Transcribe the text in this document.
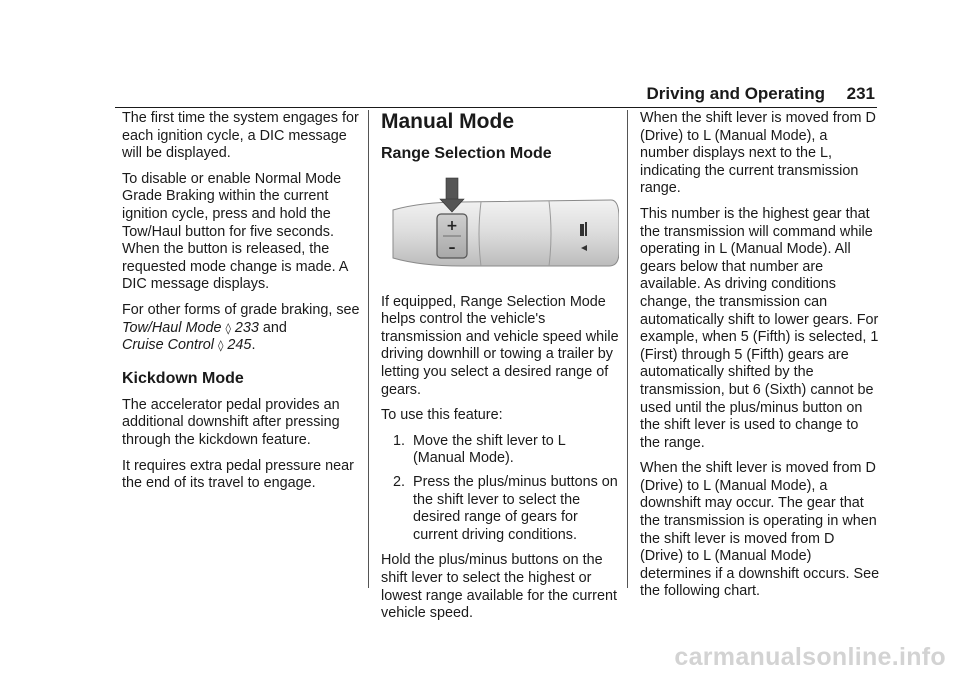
Driving and Operating 231

The first time the system engages for each ignition cycle, a DIC message will be displayed.

To disable or enable Normal Mode Grade Braking within the current ignition cycle, press and hold the Tow/Haul button for five seconds. When the button is released, the requested mode change is made. A DIC message displays.

For other forms of grade braking, see Tow/Haul Mode ◊ 233 and
Cruise Control ◊ 245.

Kickdown Mode

The accelerator pedal provides an additional downshift after pressing through the kickdown feature.

It requires extra pedal pressure near the end of its travel to engage.

Manual Mode
Range Selection Mode
+
–

If equipped, Range Selection Mode helps control the vehicle's transmission and vehicle speed while driving downhill or towing a trailer by letting you select a desired range of gears.

To use this feature:

1. Move the shift lever to L (Manual Mode).
2. Press the plus/minus buttons on the shift lever to select the desired range of gears for current driving conditions.

Hold the plus/minus buttons on the shift lever to select the highest or lowest range available for the current vehicle speed.

When the shift lever is moved from D (Drive) to L (Manual Mode), a number displays next to the L, indicating the current transmission range.

This number is the highest gear that the transmission will command while operating in L (Manual Mode). All gears below that number are available. As driving conditions change, the transmission can automatically shift to lower gears. For example, when 5 (Fifth) is selected, 1 (First) through 5 (Fifth) gears are automatically shifted by the transmission, but 6 (Sixth) cannot be used until the plus/minus button on the shift lever is used to change to the range.

When the shift lever is moved from D (Drive) to L (Manual Mode), a downshift may occur. The gear that the transmission is operating in when the shift lever is moved from D (Drive) to L (Manual Mode) determines if a downshift occurs. See the following chart.

carmanualsonline.info
